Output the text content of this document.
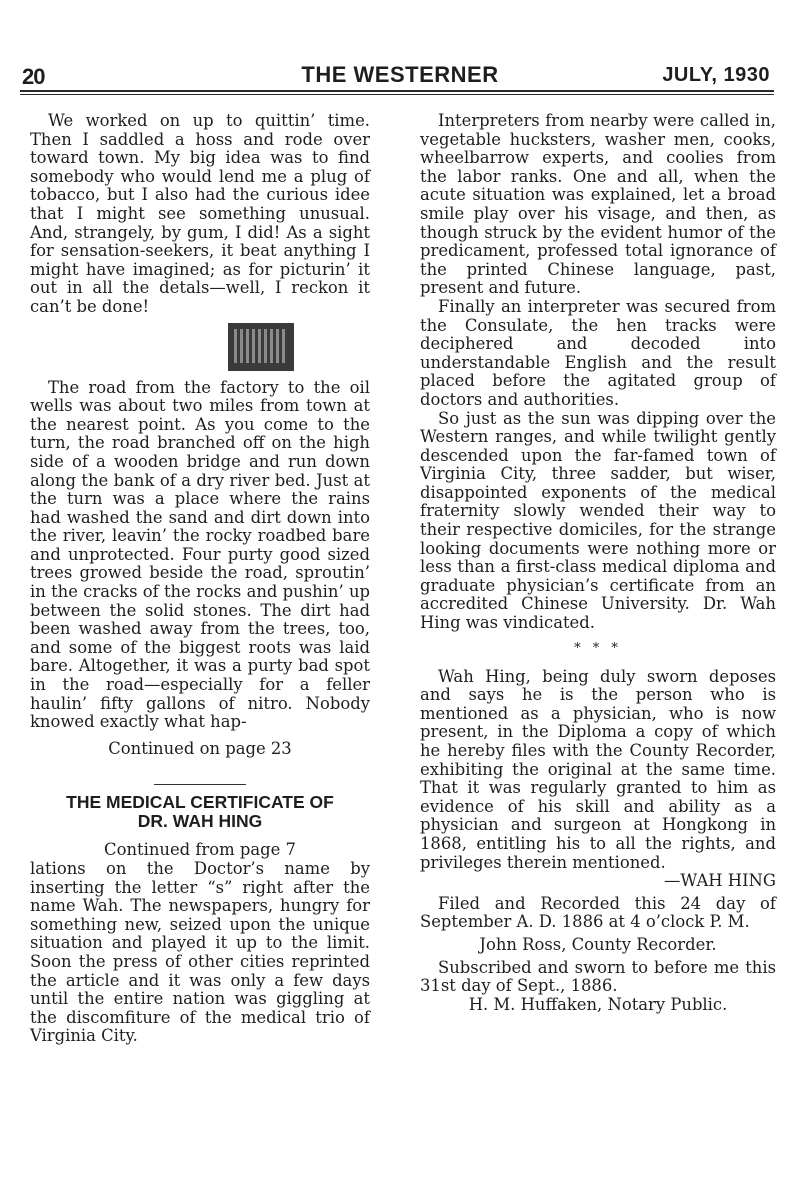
20	THE WESTERNER	JULY, 1930

We worked on up to quittin’ time. Then I saddled a hoss and rode over toward town. My big idea was to find somebody who would lend me a plug of tobacco, but I also had the curious idee that I might see something unusual. And, strangely, by gum, I did! As a sight for sensation-seekers, it beat anything I might have imagined; as for picturin’ it out in all the detals—well, I reckon it can’t be done!

The road from the factory to the oil wells was about two miles from town at the nearest point. As you come to the turn, the road branched off on the high side of a wooden bridge and run down along the bank of a dry river bed. Just at the turn was a place where the rains had washed the sand and dirt down into the river, leavin’ the rocky roadbed bare and unprotected. Four purty good sized trees growed beside the road, sproutin’ in the cracks of the rocks and pushin’ up between the solid stones. The dirt had been washed away from the trees, too, and some of the biggest roots was laid bare. Altogether, it was a purty bad spot in the road—especially for a feller haulin’ fifty gallons of nitro. Nobody knowed exactly what hap-

Continued on page 23

THE MEDICAL CERTIFICATE OF

DR. WAH HING

Continued from page 7

lations on the Doctor’s name by inserting the letter “s” right after the name Wah. The newspapers, hungry for something new, seized upon the unique situation and played it up to the limit. Soon the press of other cities reprinted the article and it was only a few days until the entire nation was giggling at the discomfiture of the medical trio of Virginia City.

Interpreters from nearby were called in, vegetable hucksters, washer men, cooks, wheelbarrow experts, and coolies from the labor ranks. One and all, when the acute situation was explained, let a broad smile play over his visage, and then, as though struck by the evident humor of the predicament, professed total ignorance of the printed Chinese language, past, present and future.

Finally an interpreter was secured from the Consulate, the hen tracks were deciphered and decoded into understandable English and the result placed before the agitated group of doctors and authorities.

So just as the sun was dipping over the Western ranges, and while twilight gently descended upon the far-famed town of Virginia City, three sadder, but wiser, disappointed exponents of the medical fraternity slowly wended their way to their respective domiciles, for the strange looking documents were nothing more or less than a first-class medical diploma and graduate physician’s certificate from an accredited Chinese University. Dr. Wah Hing was vindicated.

* * *

Wah Hing, being duly sworn deposes and says he is the person who is mentioned as a physician, who is now present, in the Diploma a copy of which he hereby files with the County Recorder, exhibiting the original at the same time. That it was regularly granted to him as evidence of his skill and ability as a physician and surgeon at Hongkong in 1868, entitling his to all the rights, and privileges therein mentioned.

—WAH HING

Filed and Recorded this 24 day of September A. D. 1886 at 4 o’clock P. M.

John Ross, County Recorder.

Subscribed and sworn to before me this 31st day of Sept., 1886.

H. M. Huffaken, Notary Public.
